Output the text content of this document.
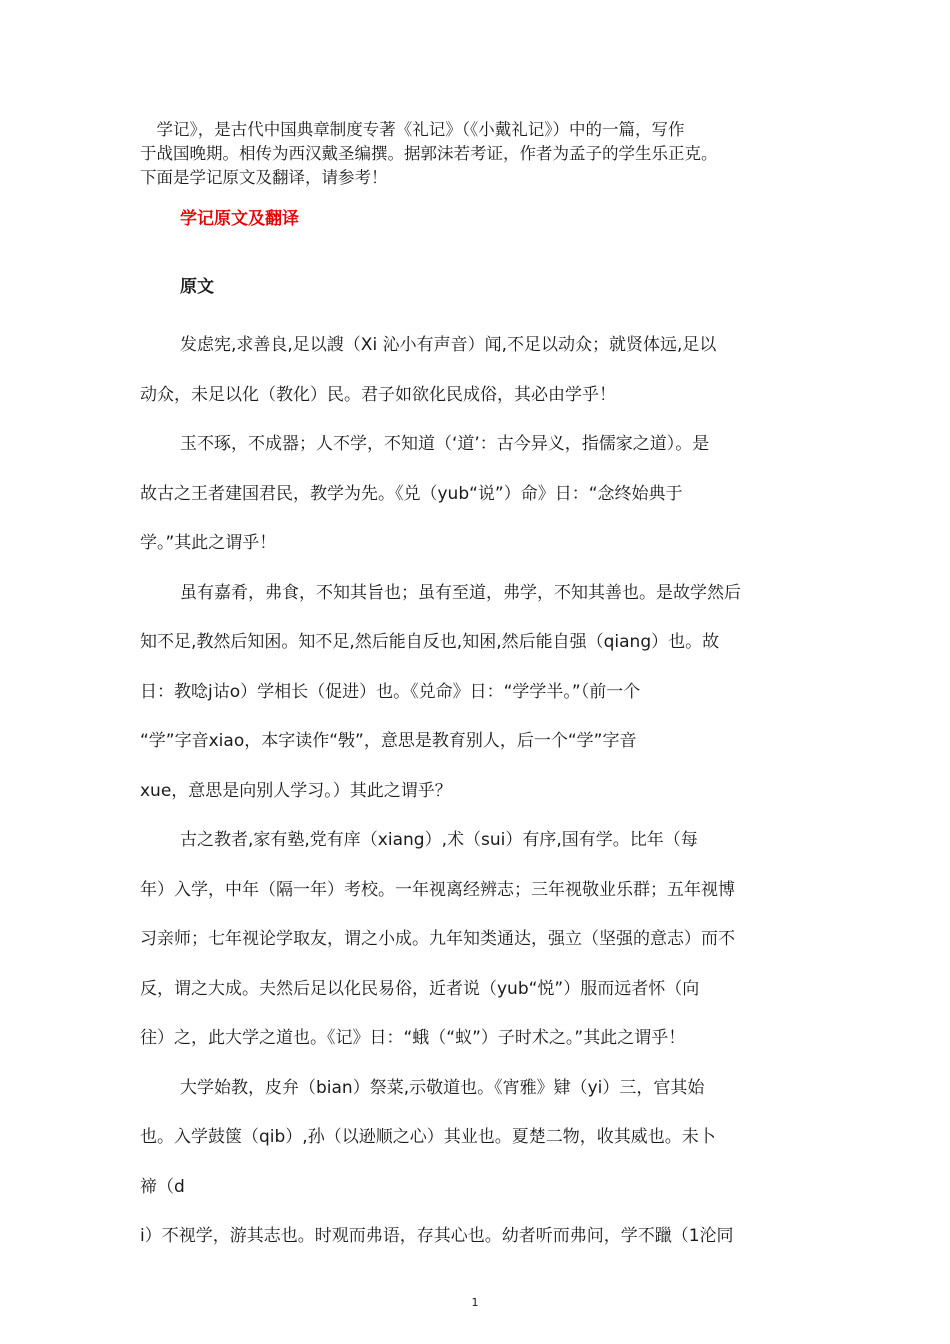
　学记》，是古代中国典章制度专著《礼记》（《小戴礼记》）中的一篇，写作
于战国晚期。相传为西汉戴圣编撰。据郭沫若考证，作者为孟子的学生乐正克。
下面是学记原文及翻译，请参考！

学记原文及翻译
原文
发虑宪,求善良,足以謏（Xi 沁小有声音）闻,不足以动众；就贤体远,足以
动众，未足以化（教化）民。君子如欲化民成俗，其必由学乎！
玉不琢，不成器；人不学，不知道（‘道’：古今异义，指儒家之道）。是
故古之王者建国君民，教学为先。《兑（yub“说”）命》日：“念终始典于
学。”其此之谓乎！
虽有嘉肴，弗食，不知其旨也；虽有至道，弗学，不知其善也。是故学然后
知不足,教然后知困。知不足,然后能自反也,知困,然后能自强（qiang）也。故
日：教唸j诂o）学相长（促进）也。《兑命》日：“学学半。”（前一个
“学”字音xiao，本字读作“斅”，意思是教育别人，后一个“学”字音
xue，意思是向别人学习。）其此之谓乎？
古之教者,家有塾,党有庠（xiang）,术（sui）有序,国有学。比年（每
年）入学，中年（隔一年）考校。一年视离经辨志；三年视敬业乐群；五年视博
习亲师；七年视论学取友，谓之小成。九年知类通达，强立（坚强的意志）而不
反，谓之大成。夫然后足以化民易俗，近者说（yub“悦”）服而远者怀（向
往）之，此大学之道也。《记》日：“蛾（“蚁”）子时术之。”其此之谓乎！
大学始教，皮弁（bian）祭菜,示敬道也。《宵雅》肄（yi）三，官其始
也。入学鼓箧（qib）,孙（以逊顺之心）其业也。夏楚二物，收其威也。未卜
禘（d
i）不视学，游其志也。时观而弗语，存其心也。幼者听而弗问，学不躐（1沦同
1
